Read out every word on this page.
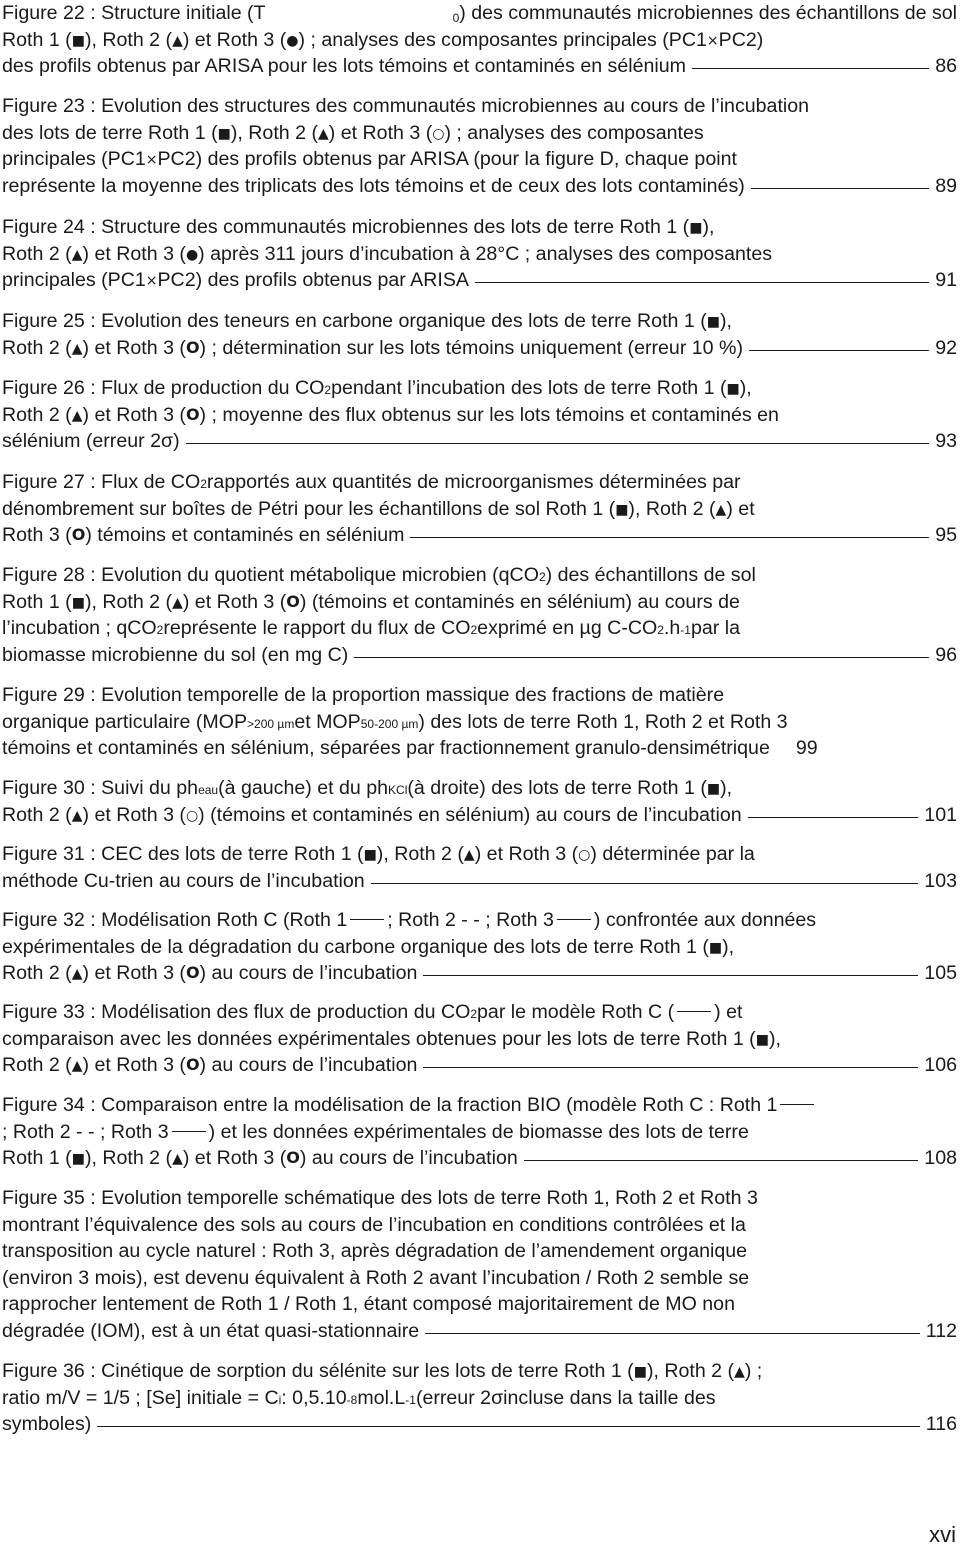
Figure 22 : Structure initiale (T	$_0$) des communautés microbiennes des échantillons de sol
Roth 1 ( ■ ), Roth 2 ( ▲ ) et Roth 3 ( ● ) ; analyses des composantes principales (PC1 × PC2)
des profils obtenus par ARISA pour les lots témoins et contaminés en sélénium	86
Figure 23 : Evolution des structures des communautés microbiennes au cours de l’incubation
des lots de terre Roth 1 ( ■ ), Roth 2 ( ▲ ) et Roth 3 ( ○ ) ; analyses des composantes
principales (PC1 × PC2) des profils obtenus par ARISA (pour la figure D, chaque point
représente la moyenne des triplicats des lots témoins et de ceux des lots contaminés)	89
Figure 24 : Structure des communautés microbiennes des lots de terre Roth 1 ( ■ ),
Roth 2 ( ▲ ) et Roth 3 ( ● ) après 311 jours d’incubation à 28 ° C ; analyses des composantes
principales (PC1 × PC2) des profils obtenus par ARISA	91
Figure 25 : Evolution des teneurs en carbone organique des lots de terre Roth 1 ( ■ ),
Roth 2 ( ▲ ) et Roth 3 ( O ) ; détermination sur les lots témoins uniquement (erreur 10 %)	92
Figure 26 : Flux de production du CO 2 pendant l’incubation des lots de terre Roth 1 ( ■ ),
Roth 2 ( ▲ ) et Roth 3 ( O ) ; moyenne des flux obtenus sur les lots témoins et contaminés en
sélénium (erreur 2 σ )	93
Figure 27 : Flux de CO 2 rapportés aux quantités de microorganismes déterminées par
dénombrement sur boîtes de Pétri pour les échantillons de sol Roth 1 ( ■ ), Roth 2 ( ▲ ) et
Roth 3 ( O ) témoins et contaminés en sélénium	95
Figure 28 : Evolution du quotient métabolique microbien (qCO 2 ) des échantillons de sol
Roth 1 ( ■ ), Roth 2 ( ▲ ) et Roth 3 ( O ) (témoins et contaminés en sélénium) au cours de
l’incubation ; qCO 2 représente le rapport du flux de CO 2 exprimé en µg C-CO 2 .h -1 par la
biomasse microbienne du sol (en mg C)	96
Figure 29 : Evolution temporelle de la proportion massique des fractions de matière
organique particulaire (MOP >200 µm et MOP 50-200 µm ) des lots de terre Roth 1, Roth 2 et Roth 3
témoins et contaminés en sélénium, séparées par fractionnement granulo-densimétrique 99
Figure 30 : Suivi du ph eau (à gauche) et du ph KCl (à droite) des lots de terre Roth 1 ( ■ ),
Roth 2 ( ▲ ) et Roth 3 ( ○ ) (témoins et contaminés en sélénium) au cours de l’incubation	101
Figure 31 : CEC des lots de terre Roth 1 ( ■ ), Roth 2 ( ▲ ) et Roth 3 ( ○ ) déterminée par la
méthode Cu-trien au cours de l’incubation	103
Figure 32 : Modélisation Roth C (Roth 1 ; Roth 2 - - ; Roth 3 ) confrontée aux données
expérimentales de la dégradation du carbone organique des lots de terre Roth 1 ( ■ ),
Roth 2 ( ▲ ) et Roth 3 ( O ) au cours de l’incubation	105
Figure 33 : Modélisation des flux de production du CO 2 par le modèle Roth C ( ) et
comparaison avec les données expérimentales obtenues pour les lots de terre Roth 1 ( ■ ),
Roth 2 ( ▲ ) et Roth 3 ( O ) au cours de l’incubation	106
Figure 34 : Comparaison entre la modélisation de la fraction BIO (modèle Roth C : Roth 1
; Roth 2 - - ; Roth 3 ) et les données expérimentales de biomasse des lots de terre
Roth 1 ( ■ ), Roth 2 ( ▲ ) et Roth 3 ( O ) au cours de l’incubation	108
Figure 35 : Evolution temporelle schématique des lots de terre Roth 1, Roth 2 et Roth 3
montrant l’équivalence des sols au cours de l’incubation en conditions contrôlées et la
transposition au cycle naturel : Roth 3, après dégradation de l’amendement organique
(environ 3 mois), est devenu équivalent à Roth 2 avant l’incubation / Roth 2 semble se
rapprocher lentement de Roth 1 / Roth 1, étant composé majoritairement de MO non
dégradée (IOM), est à un état quasi-stationnaire	112
Figure 36 : Cinétique de sorption du sélénite sur les lots de terre Roth 1 ( ■ ), Roth 2 ( ▲ ) ;
ratio m/V = 1/5 ; [Se] initiale = C i : 0,5.10 -8 mol.L -1 (erreur 2 σ incluse dans la taille des
symboles)	116
xvi
